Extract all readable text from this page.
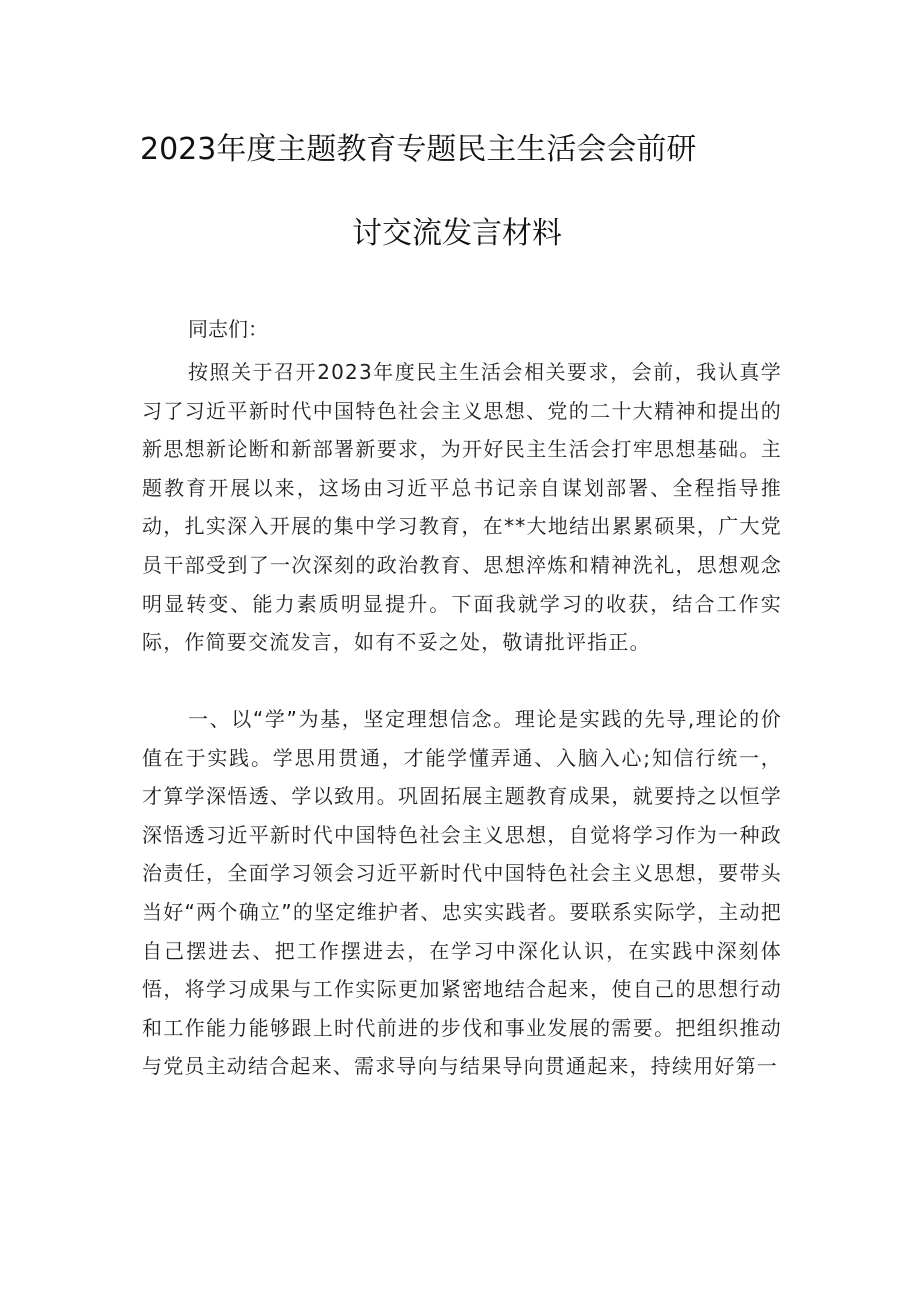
2023年度主题教育专题民主生活会会前研
讨交流发言材料
同志们：
按照关于召开2023年度民主生活会相关要求，会前，我认真学习了习近平新时代中国特色社会主义思想、党的二十大精神和提出的新思想新论断和新部署新要求，为开好民主生活会打牢思想基础。主题教育开展以来，这场由习近平总书记亲自谋划部署、全程指导推动，扎实深入开展的集中学习教育，在**大地结出累累硕果，广大党员干部受到了一次深刻的政治教育、思想淬炼和精神洗礼，思想观念明显转变、能力素质明显提升。下面我就学习的收获，结合工作实际，作简要交流发言，如有不妥之处，敬请批评指正。
一、以“学”为基，坚定理想信念。理论是实践的先导,理论的价值在于实践。学思用贯通，才能学懂弄通、入脑入心;知信行统一，才算学深悟透、学以致用。巩固拓展主题教育成果，就要持之以恒学深悟透习近平新时代中国特色社会主义思想，自觉将学习作为一种政治责任，全面学习领会习近平新时代中国特色社会主义思想，要带头当好“两个确立”的坚定维护者、忠实实践者。要联系实际学，主动把自己摆进去、把工作摆进去，在学习中深化认识，在实践中深刻体悟，将学习成果与工作实际更加紧密地结合起来，使自己的思想行动和工作能力能够跟上时代前进的步伐和事业发展的需要。把组织推动与党员主动结合起来、需求导向与结果导向贯通起来，持续用好第一
